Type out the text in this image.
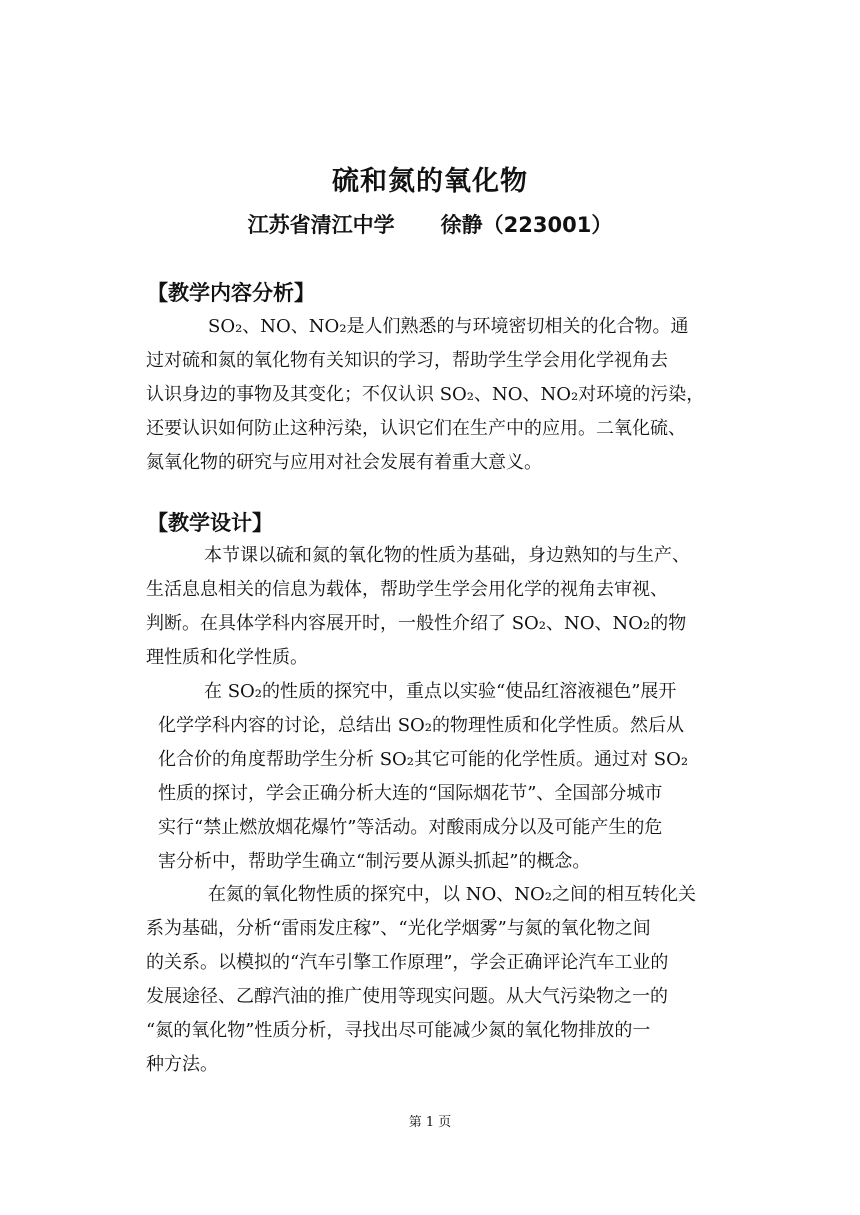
硫和氮的氧化物
江苏省清江中学 徐静（223001）
【教学内容分析】
SO₂、NO、NO₂是人们熟悉的与环境密切相关的化合物。通
过对硫和氮的氧化物有关知识的学习，帮助学生学会用化学视角去
认识身边的事物及其变化；不仅认识 SO₂、NO、NO₂对环境的污染，
还要认识如何防止这种污染，认识它们在生产中的应用。二氧化硫、
氮氧化物的研究与应用对社会发展有着重大意义。
【教学设计】
本节课以硫和氮的氧化物的性质为基础，身边熟知的与生产、
生活息息相关的信息为载体，帮助学生学会用化学的视角去审视、
判断。在具体学科内容展开时，一般性介绍了 SO₂、NO、NO₂的物
理性质和化学性质。
在 SO₂的性质的探究中，重点以实验“使品红溶液褪色”展开
化学学科内容的讨论，总结出 SO₂的物理性质和化学性质。然后从
化合价的角度帮助学生分析 SO₂其它可能的化学性质。通过对 SO₂
性质的探讨，学会正确分析大连的“国际烟花节”、全国部分城市
实行“禁止燃放烟花爆竹”等活动。对酸雨成分以及可能产生的危
害分析中，帮助学生确立“制污要从源头抓起”的概念。
在氮的氧化物性质的探究中，以 NO、NO₂之间的相互转化关
系为基础，分析“雷雨发庄稼”、“光化学烟雾”与氮的氧化物之间
的关系。以模拟的“汽车引擎工作原理”，学会正确评论汽车工业的
发展途径、乙醇汽油的推广使用等现实问题。从大气污染物之一的
“氮的氧化物”性质分析，寻找出尽可能减少氮的氧化物排放的一
种方法。
第 1 页
